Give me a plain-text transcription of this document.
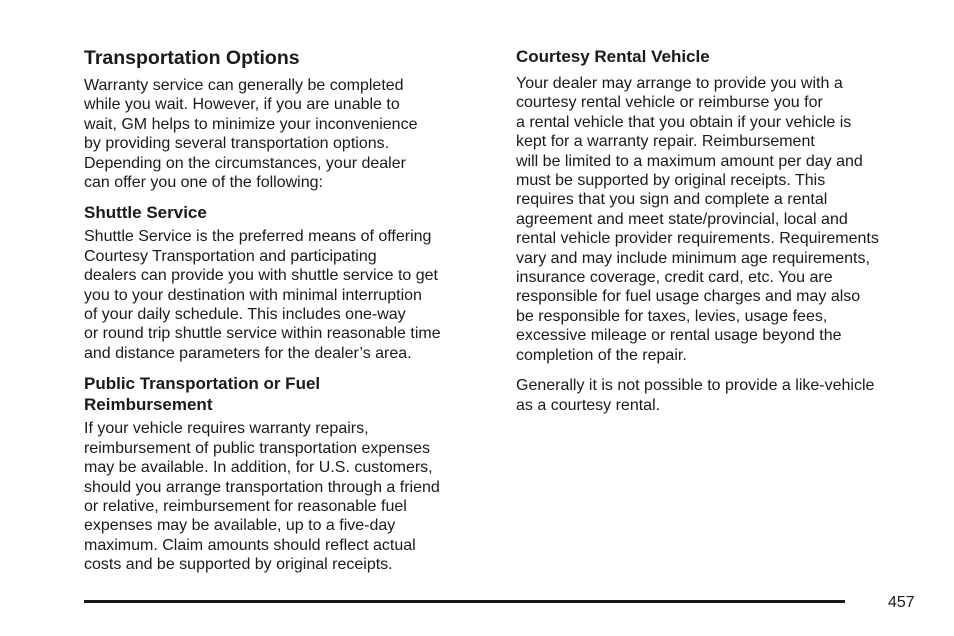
Transportation Options

Warranty service can generally be completed
while you wait. However, if you are unable to
wait, GM helps to minimize your inconvenience
by providing several transportation options.
Depending on the circumstances, your dealer
can offer you one of the following:

Shuttle Service

Shuttle Service is the preferred means of offering
Courtesy Transportation and participating
dealers can provide you with shuttle service to get
you to your destination with minimal interruption
of your daily schedule. This includes one-way
or round trip shuttle service within reasonable time
and distance parameters for the dealer’s area.

Public Transportation or Fuel
Reimbursement

If your vehicle requires warranty repairs,
reimbursement of public transportation expenses
may be available. In addition, for U.S. customers,
should you arrange transportation through a friend
or relative, reimbursement for reasonable fuel
expenses may be available, up to a five-day
maximum. Claim amounts should reflect actual
costs and be supported by original receipts.

Courtesy Rental Vehicle

Your dealer may arrange to provide you with a
courtesy rental vehicle or reimburse you for
a rental vehicle that you obtain if your vehicle is
kept for a warranty repair. Reimbursement
will be limited to a maximum amount per day and
must be supported by original receipts. This
requires that you sign and complete a rental
agreement and meet state/provincial, local and
rental vehicle provider requirements. Requirements
vary and may include minimum age requirements,
insurance coverage, credit card, etc. You are
responsible for fuel usage charges and may also
be responsible for taxes, levies, usage fees,
excessive mileage or rental usage beyond the
completion of the repair.

Generally it is not possible to provide a like-vehicle
as a courtesy rental.

457
